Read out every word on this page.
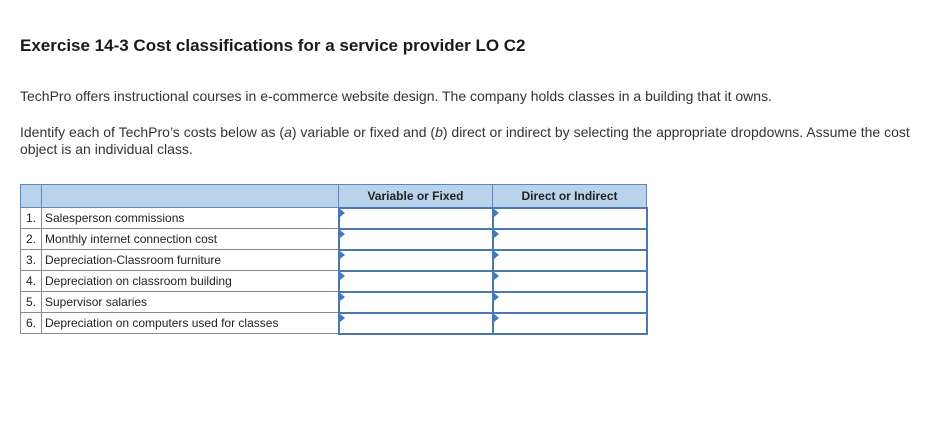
Exercise 14-3 Cost classifications for a service provider LO C2
TechPro offers instructional courses in e-commerce website design. The company holds classes in a building that it owns.
Identify each of TechPro’s costs below as (a) variable or fixed and (b) direct or indirect by selecting the appropriate dropdowns. Assume the cost object is an individual class.
		Variable or Fixed	Direct or Indirect
1.	Salesperson commissions	

2.	Monthly internet connection cost	

3.	Depreciation-Classroom furniture	

4.	Depreciation on classroom building	

5.	Supervisor salaries	

6.	Depreciation on computers used for classes	
